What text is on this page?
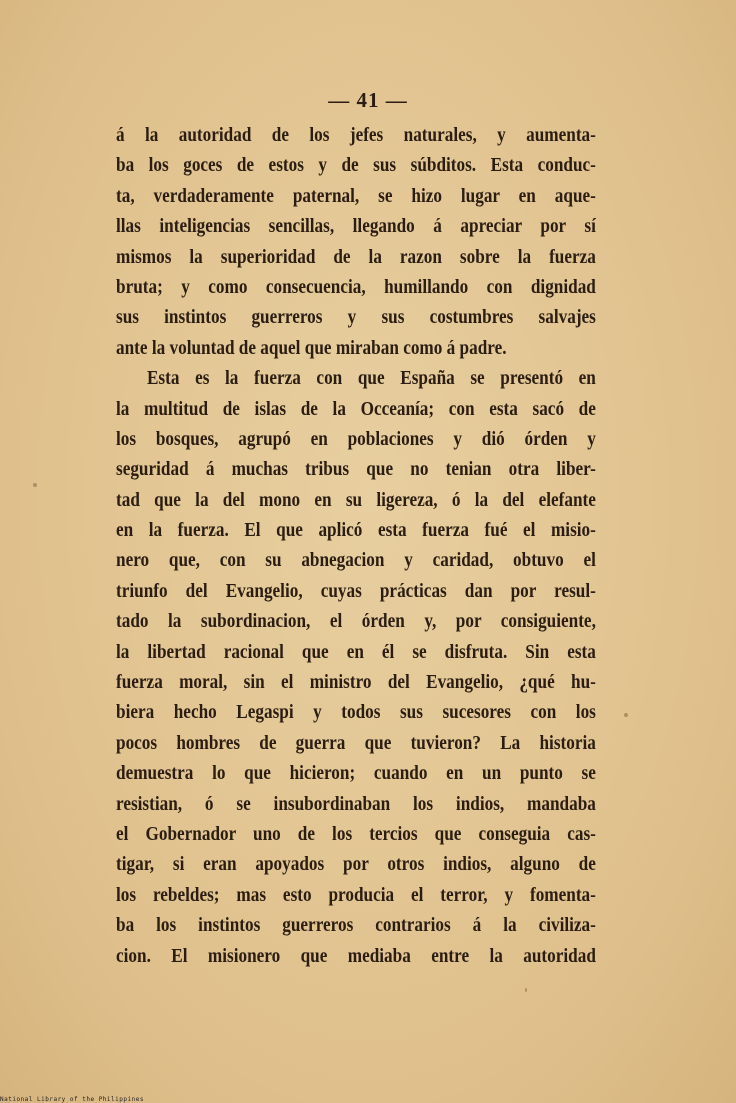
— 41 —
á la autoridad de los jefes naturales, y aumenta-
ba los goces de estos y de sus súbditos. Esta conduc-
ta, verdaderamente paternal, se hizo lugar en aque-
llas inteligencias sencillas, llegando á apreciar por sí
mismos la superioridad de la razon sobre la fuerza
bruta; y como consecuencia, humillando con dignidad
sus instintos guerreros y sus costumbres salvajes
ante la voluntad de aquel que miraban como á padre.
Esta es la fuerza con que España se presentó en
la multitud de islas de la Occeanía; con esta sacó de
los bosques, agrupó en poblaciones y dió órden y
seguridad á muchas tribus que no tenian otra liber-
tad que la del mono en su ligereza, ó la del elefante
en la fuerza. El que aplicó esta fuerza fué el misio-
nero que, con su abnegacion y caridad, obtuvo el
triunfo del Evangelio, cuyas prácticas dan por resul-
tado la subordinacion, el órden y, por consiguiente,
la libertad racional que en él se disfruta. Sin esta
fuerza moral, sin el ministro del Evangelio, ¿qué hu-
biera hecho Legaspi y todos sus sucesores con los
pocos hombres de guerra que tuvieron? La historia
demuestra lo que hicieron; cuando en un punto se
resistian, ó se insubordinaban los indios, mandaba
el Gobernador uno de los tercios que conseguia cas-
tigar, si eran apoyados por otros indios, alguno de
los rebeldes; mas esto producia el terror, y fomenta-
ba los instintos guerreros contrarios á la civiliza-
cion. El misionero que mediaba entre la autoridad
National Library of the Philippines
